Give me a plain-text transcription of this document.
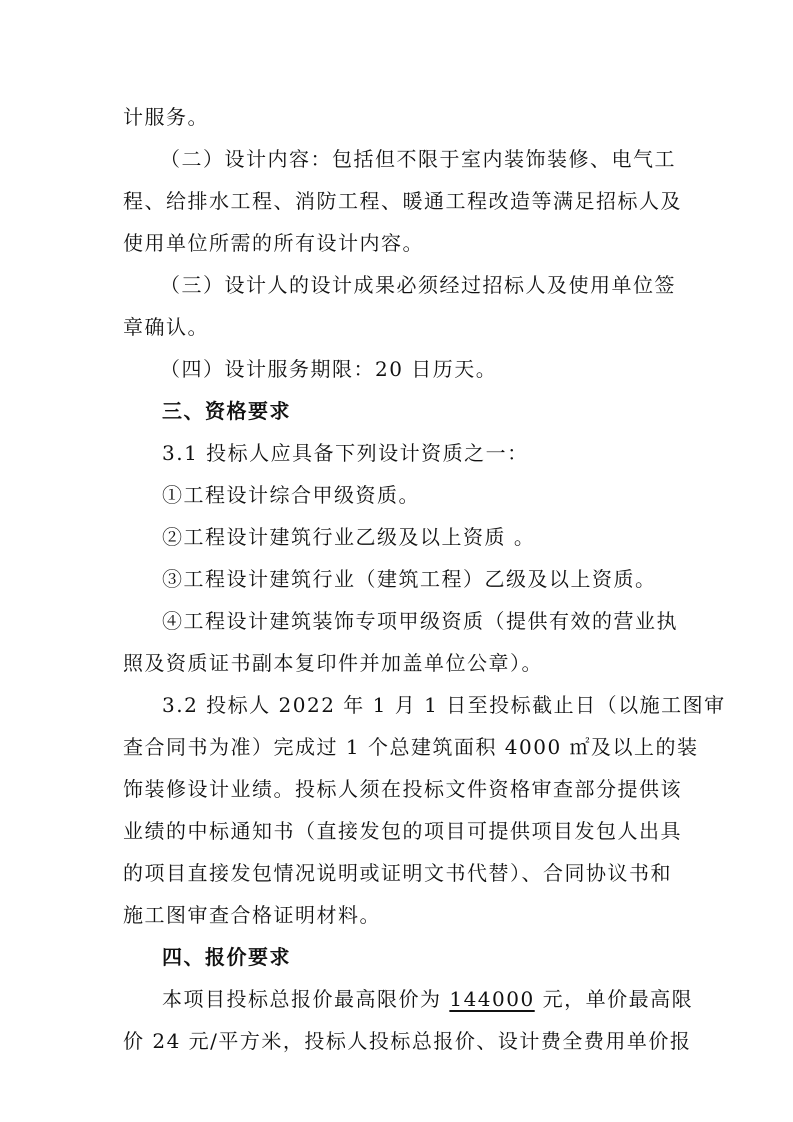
计服务。

（二）设计内容：包括但不限于室内装饰装修、电气工

程、给排水工程、消防工程、暖通工程改造等满足招标人及

使用单位所需的所有设计内容。

（三）设计人的设计成果必须经过招标人及使用单位签

章确认。

（四）设计服务期限：20 日历天。

三、资格要求

3.1 投标人应具备下列设计资质之一：

①工程设计综合甲级资质。

②工程设计建筑行业乙级及以上资质 。

③工程设计建筑行业（建筑工程）乙级及以上资质。

④工程设计建筑装饰专项甲级资质（提供有效的营业执

照及资质证书副本复印件并加盖单位公章）。

3.2 投标人 2022 年 1 月 1 日至投标截止日（以施工图审

查合同书为准）完成过 1 个总建筑面积 4000 ㎡及以上的装

饰装修设计业绩。投标人须在投标文件资格审查部分提供该

业绩的中标通知书（直接发包的项目可提供项目发包人出具

的项目直接发包情况说明或证明文书代替）、合同协议书和

施工图审查合格证明材料。

四、报价要求

本项目投标总报价最高限价为 144000 元，单价最高限

价 24 元/平方米，投标人投标总报价、设计费全费用单价报
